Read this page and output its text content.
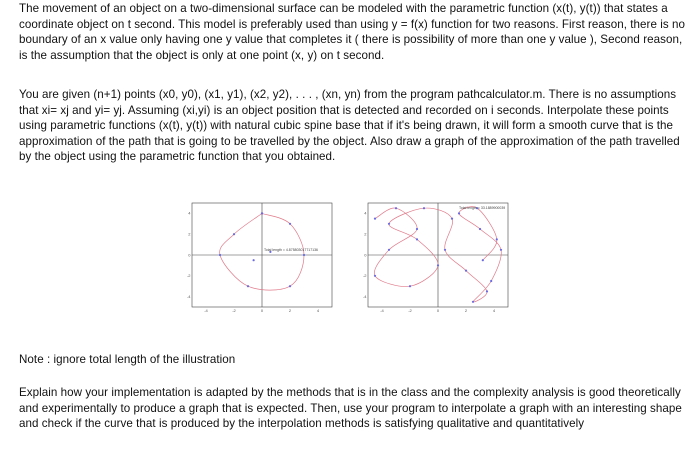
The movement of an object on a two-dimensional surface can be modeled with the parametric function (x(t), y(t)) that states a coordinate object on t second. This model is preferably used than using y = f(x) function for two reasons. First reason, there is no boundary of an x value only having one y value that completes it ( there is possibility of more than one y value ), Second reason, is the assumption that the object is only at one point (x, y) on t second.

You are given (n+1) points (x0, y0), (x1, y1), (x2, y2), . . . , (xn, yn) from the program pathcalculator.m. There is no assumptions that xi= xj and yi= yj. Assuming (xi,yi) is an object position that is detected and recorded on i seconds. Interpolate these points using parametric functions (x(t), y(t)) with natural cubic spine base that if it's being drawn, it will form a smooth curve that is the approximation of the path that is going to be travelled by the object. Also draw a graph of the approximation of the path travelled by the object using the parametric function that you obtained.

-4	-2	0	2	4
4
2
0
-2
-4
Total length = 4.875803017717136
-4	-2	0	2	4
4
2
0
-2
-4
Total length = 33.1889900039

Note : ignore total length of the illustration

Explain how your implementation is adapted by the methods that is in the class and the complexity analysis is good theoretically and experimentally to produce a graph that is expected. Then, use your program to interpolate a graph with an interesting shape and check if the curve that is produced by the interpolation methods is satisfying qualitative and quantitatively
